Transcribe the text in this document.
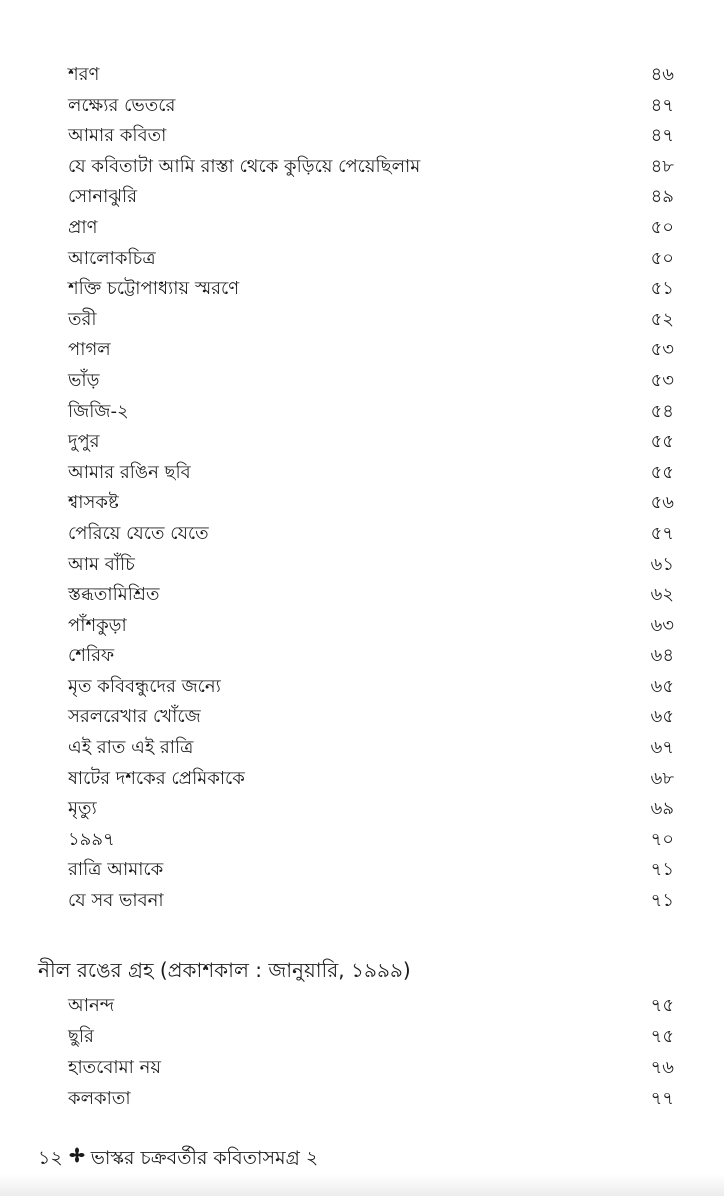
শরণ	৪৬
লক্ষ্যের ভেতরে	৪৭
আমার কবিতা	৪৭
যে কবিতাটা আমি রাস্তা থেকে কুড়িয়ে পেয়েছিলাম	৪৮
সোনাঝুরি	৪৯
প্রাণ	৫০
আলোকচিত্র	৫০
শক্তি চট্টোপাধ্যায় স্মরণে	৫১
তরী	৫২
পাগল	৫৩
ভাঁড়	৫৩
জিজি-২	৫৪
দুপুর	৫৫
আমার রঙিন ছবি	৫৫
শ্বাসকষ্ট	৫৬
পেরিয়ে যেতে যেতে	৫৭
আম বাঁচি	৬১
স্তব্ধতামিশ্রিত	৬২
পাঁশকুড়া	৬৩
শেরিফ	৬৪
মৃত কবিবন্ধুদের জন্যে	৬৫
সরলরেখার খোঁজে	৬৫
এই রাত এই রাত্রি	৬৭
ষাটের দশকের প্রেমিকাকে	৬৮
মৃত্যু	৬৯
১৯৯৭	৭০
রাত্রি আমাকে	৭১
যে সব ভাবনা	৭১
নীল রঙের গ্রহ (প্রকাশকাল : জানুয়ারি, ১৯৯৯)
আনন্দ	৭৫
ছুরি	৭৫
হাতবোমা নয়	৭৬
কলকাতা	৭৭
১২ ভাস্কর চক্রবর্তীর কবিতাসমগ্র ২
